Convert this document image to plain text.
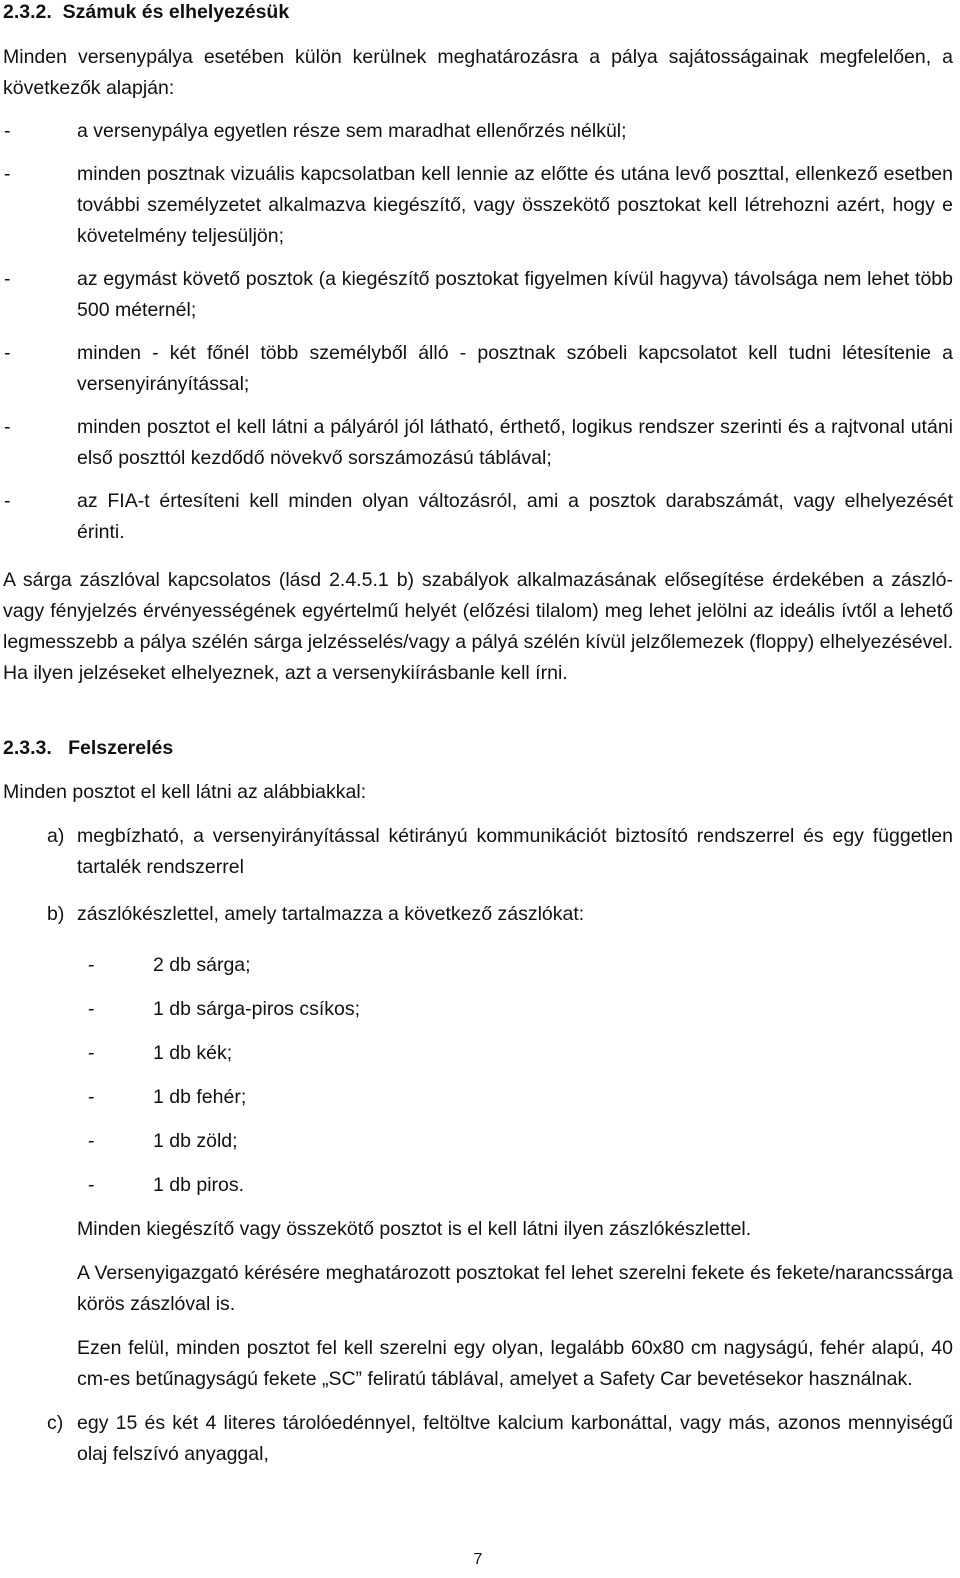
2.3.2. Számuk és elhelyezésük

Minden versenypálya esetében külön kerülnek meghatározásra a pálya sajátosságainak megfelelően, a következők alapján:

-	a versenypálya egyetlen része sem maradhat ellenőrzés nélkül;
-	minden posztnak vizuális kapcsolatban kell lennie az előtte és utána levő poszttal, ellenkező esetben további személyzetet alkalmazva kiegészítő, vagy összekötő posztokat kell létrehozni azért, hogy e követelmény teljesüljön;
-	az egymást követő posztok (a kiegészítő posztokat figyelmen kívül hagyva) távolsága nem lehet több 500 méternél;
-	minden - két főnél több személyből álló - posztnak szóbeli kapcsolatot kell tudni létesítenie a versenyirányítással;
-	minden posztot el kell látni a pályáról jól látható, érthető, logikus rendszer szerinti és a rajtvonal utáni első poszttól kezdődő növekvő sorszámozású táblával;
-	az FIA-t értesíteni kell minden olyan változásról, ami a posztok darabszámát, vagy elhelyezését érinti.

A sárga zászlóval kapcsolatos (lásd 2.4.5.1 b) szabályok alkalmazásának elősegítése érdekében a zászló- vagy fényjelzés érvényességének egyértelmű helyét (előzési tilalom) meg lehet jelölni az ideális ívtől a lehető legmesszebb a pálya szélén sárga jelzésselés/vagy a pályá szélén kívül jelzőlemezek (floppy) elhelyezésével. Ha ilyen jelzéseket elhelyeznek, azt a versenykiírásbanle kell írni.

2.3.3. Felszerelés

Minden posztot el kell látni az alábbiakkal:

a) megbízható, a versenyirányítással kétirányú kommunikációt biztosító rendszerrel és egy független tartalék rendszerrel
b) zászlókészlettel, amely tartalmazza a következő zászlókat:
-	2 db sárga;
-	1 db sárga-piros csíkos;
-	1 db kék;
-	1 db fehér;
-	1 db zöld;
-	1 db piros.

Minden kiegészítő vagy összekötő posztot is el kell látni ilyen zászlókészlettel.

A Versenyigazgató kérésére meghatározott posztokat fel lehet szerelni fekete és fekete/narancssárga körös zászlóval is.

Ezen felül, minden posztot fel kell szerelni egy olyan, legalább 60x80 cm nagyságú, fehér alapú, 40 cm-es betűnagyságú fekete „SC” feliratú táblával, amelyet a Safety Car bevetésekor használnak.

c) egy 15 és két 4 literes tárolóedénnyel, feltöltve kalcium karbonáttal, vagy más, azonos mennyiségű olaj felszívó anyaggal,
7
